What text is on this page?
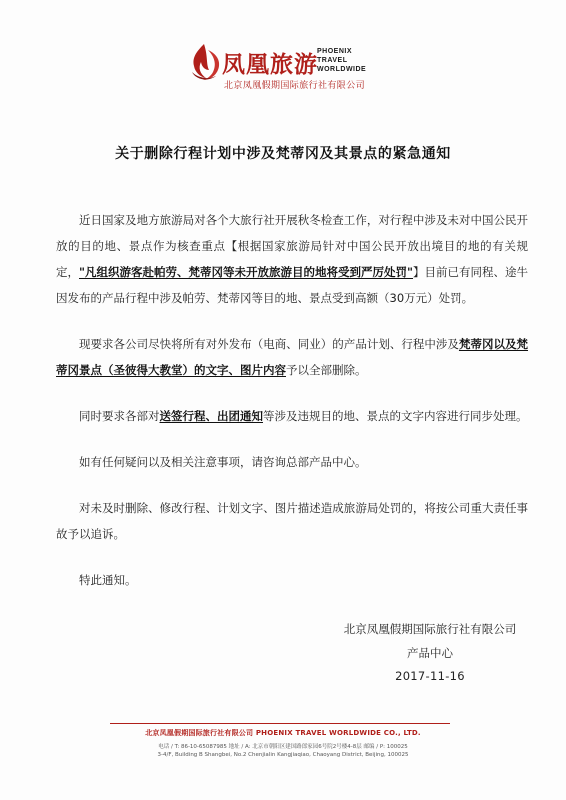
凤凰旅游 PHOENIX
TRAVEL
WORLDWIDE
北京凤凰假期国际旅行社有限公司
关于删除行程计划中涉及梵蒂冈及其景点的紧急通知
近日国家及地方旅游局对各个大旅行社开展秋冬检查工作，对行程中涉及未对中国公民开放的目的地、景点作为核查重点【根据国家旅游局针对中国公民开放出境目的地的有关规定，"凡组织游客赴帕劳、梵蒂冈等未开放旅游目的地将受到严厉处罚"】目前已有同程、途牛因发布的产品行程中涉及帕劳、梵蒂冈等目的地、景点受到高额（30万元）处罚。
现要求各公司尽快将所有对外发布（电商、同业）的产品计划、行程中涉及梵蒂冈以及梵蒂冈景点（圣彼得大教堂）的文字、图片内容予以全部删除。
同时要求各部对送签行程、出团通知等涉及违规目的地、景点的文字内容进行同步处理。
如有任何疑问以及相关注意事项，请咨询总部产品中心。
对未及时删除、修改行程、计划文字、图片描述造成旅游局处罚的，将按公司重大责任事故予以追诉。
特此通知。
北京凤凰假期国际旅行社有限公司
产品中心
2017-11-16
北京凤凰假期国际旅行社有限公司 PHOENIX TRAVEL WORLDWIDE CO., LTD.
电话 / T: 86-10-65087985 地址 / A: 北京市朝阳区建国路郎家园6号院2号楼4-8层 邮编 / P: 100025
3-4/F, Building B Shangbei, No.2 Chenjialin Kangjiaqiao, Chaoyang District, Beijing, 100025
